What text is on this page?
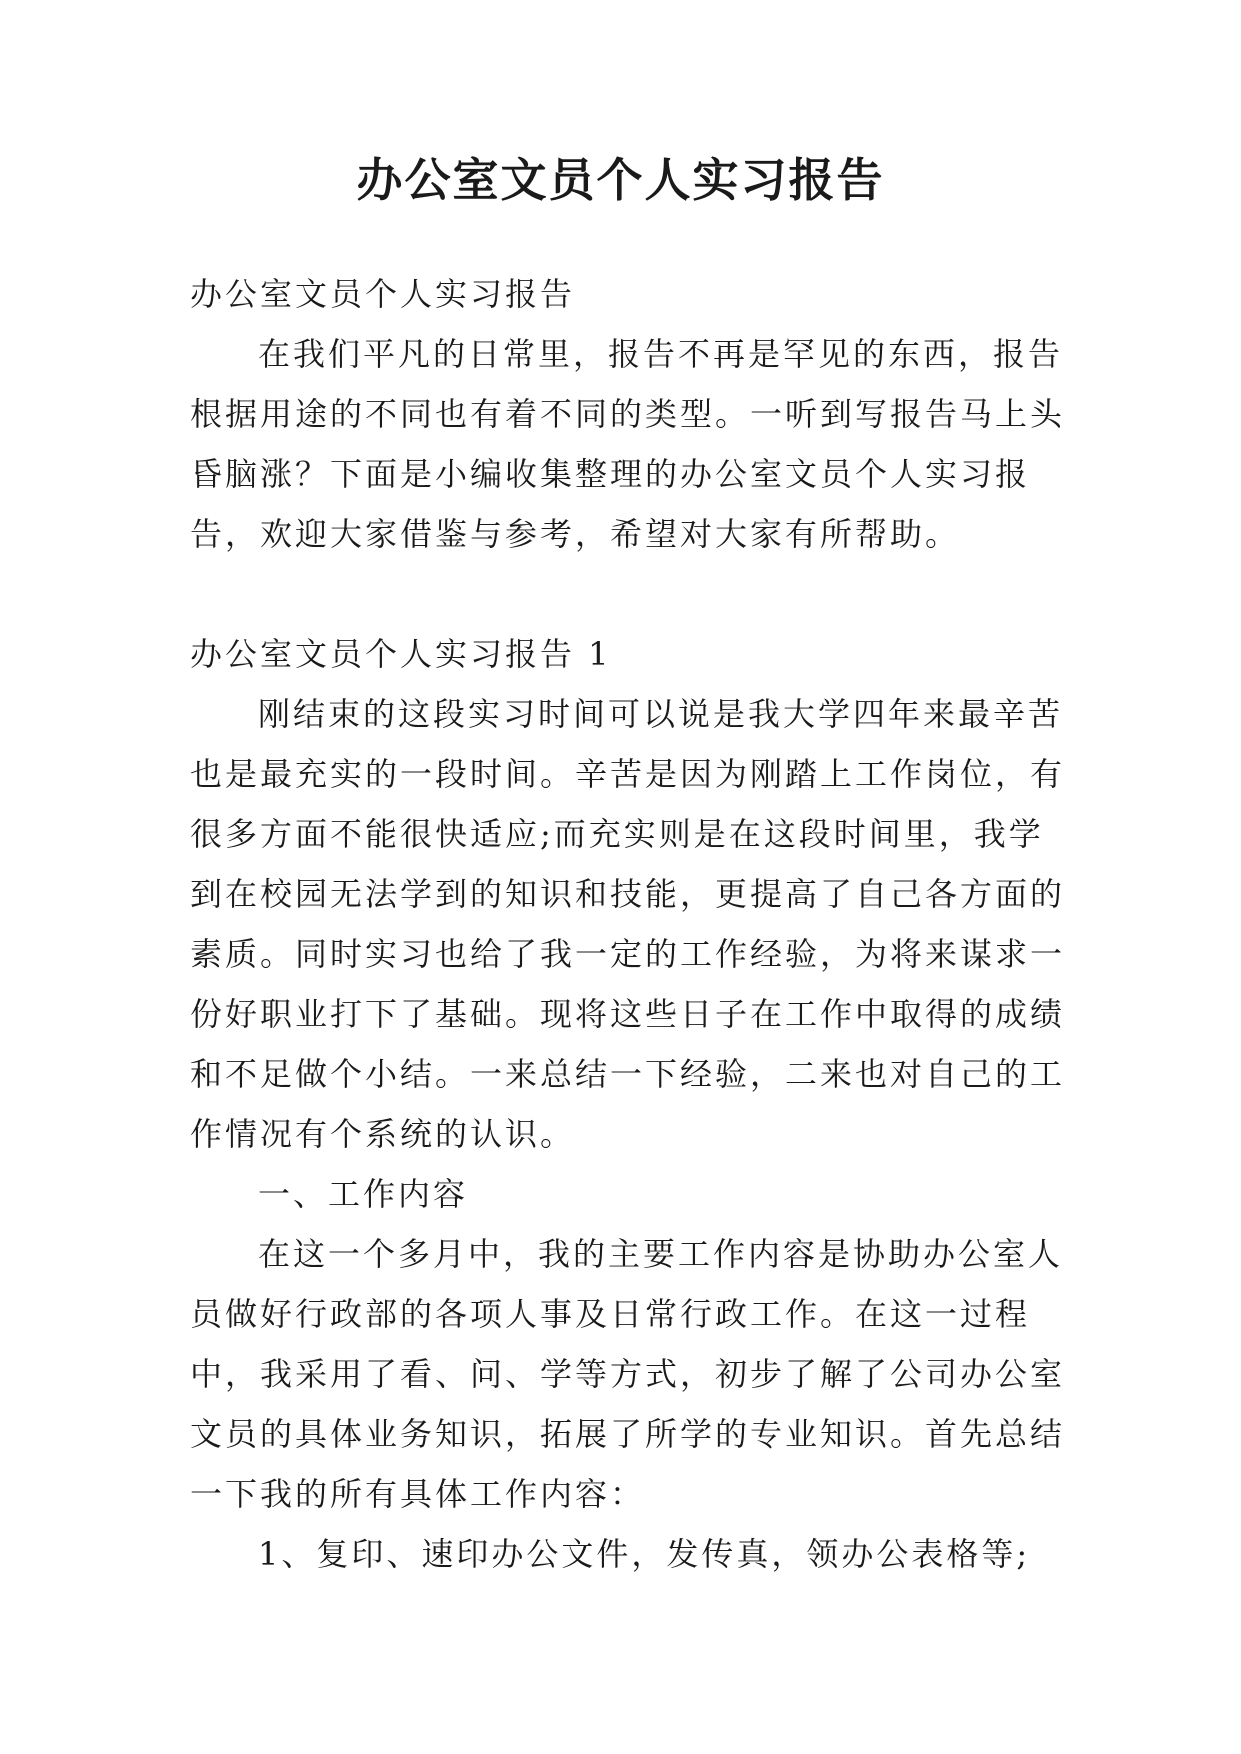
办公室文员个人实习报告

办公室文员个人实习报告

在我们平凡的日常里，报告不再是罕见的东西，报告根据用途的不同也有着不同的类型。一听到写报告马上头昏脑涨？下面是小编收集整理的办公室文员个人实习报告，欢迎大家借鉴与参考，希望对大家有所帮助。

办公室文员个人实习报告 1

刚结束的这段实习时间可以说是我大学四年来最辛苦也是最充实的一段时间。辛苦是因为刚踏上工作岗位，有很多方面不能很快适应;而充实则是在这段时间里，我学到在校园无法学到的知识和技能，更提高了自己各方面的素质。同时实习也给了我一定的工作经验，为将来谋求一份好职业打下了基础。现将这些日子在工作中取得的成绩和不足做个小结。一来总结一下经验，二来也对自己的工作情况有个系统的认识。

一、工作内容

在这一个多月中，我的主要工作内容是协助办公室人员做好行政部的各项人事及日常行政工作。在这一过程中，我采用了看、问、学等方式，初步了解了公司办公室文员的具体业务知识，拓展了所学的专业知识。首先总结一下我的所有具体工作内容：

1、复印、速印办公文件，发传真，领办公表格等;
